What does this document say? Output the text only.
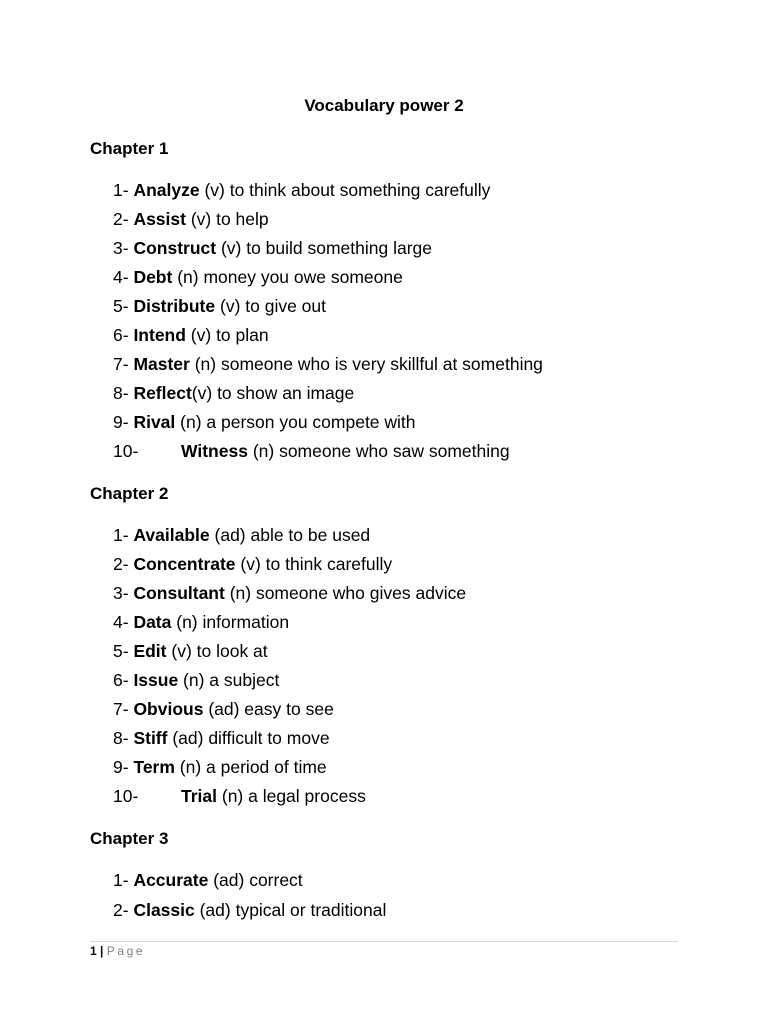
Vocabulary power 2
Chapter 1
1- Analyze (v) to think about something carefully
2- Assist (v) to help
3- Construct (v) to build something large
4- Debt (n) money you owe someone
5- Distribute (v) to give out
6- Intend (v) to plan
7- Master (n) someone who is very skillful at something
8- Reflect(v) to show an image
9- Rival (n) a person you compete with
10- Witness (n) someone who saw something
Chapter 2
1- Available (ad) able to be used
2- Concentrate (v) to think carefully
3- Consultant (n) someone who gives advice
4- Data (n) information
5- Edit (v) to look at
6- Issue (n) a subject
7- Obvious (ad) easy to see
8- Stiff (ad) difficult to move
9- Term (n) a period of time
10- Trial (n) a legal process
Chapter 3
1- Accurate (ad) correct
2- Classic (ad) typical or traditional
1 | Page
